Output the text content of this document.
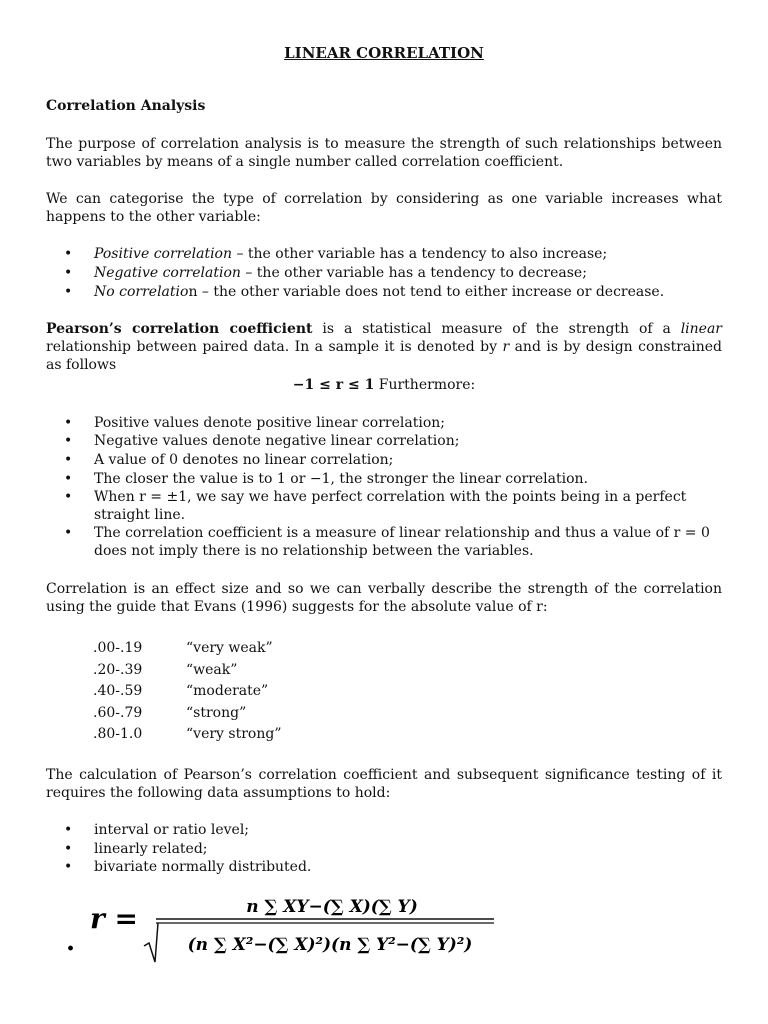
LINEAR CORRELATION
Correlation Analysis
The purpose of correlation analysis is to measure the strength of such relationships between two variables by means of a single number called correlation coefficient.
We can categorise the type of correlation by considering as one variable increases what happens to the other variable:
• Positive correlation – the other variable has a tendency to also increase;
• Negative correlation – the other variable has a tendency to decrease;
• No correlation – the other variable does not tend to either increase or decrease.
Pearson’s correlation coefficient is a statistical measure of the strength of a linear relationship between paired data. In a sample it is denoted by r and is by design constrained as follows
−1 ≤ r ≤ 1 Furthermore:
• Positive values denote positive linear correlation;
• Negative values denote negative linear correlation;
• A value of 0 denotes no linear correlation;
• The closer the value is to 1 or −1, the stronger the linear correlation.
• When r = ±1, we say we have perfect correlation with the points being in a perfect straight line.
• The correlation coefficient is a measure of linear relationship and thus a value of r = 0 does not imply there is no relationship between the variables.
Correlation is an effect size and so we can verbally describe the strength of the correlation using the guide that Evans (1996) suggests for the absolute value of r:
.00-.19	“very weak”
.20-.39	“weak”
.40-.59	“moderate”
.60-.79	“strong”
.80-1.0	“very strong”
The calculation of Pearson’s correlation coefficient and subsequent significance testing of it requires the following data assumptions to hold:
• interval or ratio level;
• linearly related;
• bivariate normally distributed.
.
r =	n ∑ XY−(∑ X)(∑ Y)
(n ∑ X²−(∑ X)²)(n ∑ Y²−(∑ Y)²)
